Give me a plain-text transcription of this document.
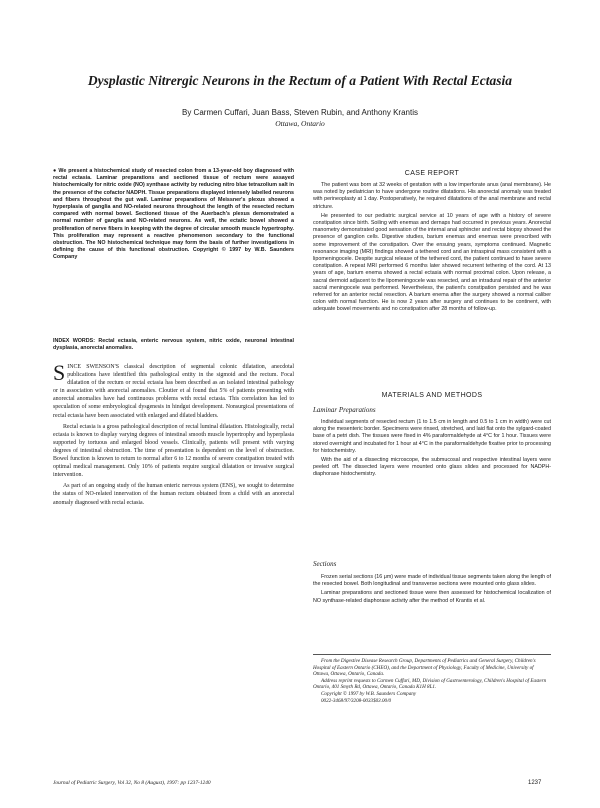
Dysplastic Nitrergic Neurons in the Rectum of a Patient With Rectal Ectasia
By Carmen Cuffari, Juan Bass, Steven Rubin, and Anthony Krantis
Ottawa, Ontario
● We present a histochemical study of resected colon from a 13-year-old boy diagnosed with rectal ectasia. Laminar preparations and sectioned tissue of rectum were assayed histochemically for nitric oxide (NO) synthase activity by reducing nitro blue tetrazolium salt in the presence of the cofactor NADPH. Tissue preparations displayed intensely labelled neurons and fibers throughout the gut wall. Laminar preparations of Meissner's plexus showed a hyperplasia of ganglia and NO-related neurons throughout the length of the resected rectum compared with normal bowel. Sectioned tissue of the Auerbach's plexus demonstrated a normal number of ganglia and NO-related neurons. As well, the ectatic bowel showed a proliferation of nerve fibers in keeping with the degree of circular smooth muscle hypertrophy. This proliferation may represent a reactive phenomenon secondary to the functional obstruction. The NO histochemical technique may form the basis of further investigations in defining the cause of this functional obstruction. Copyright © 1997 by W.B. Saunders Company
INDEX WORDS: Rectal ectasia, enteric nervous system, nitric oxide, neuronal intestinal dysplasia, anorectal anomalies.

SINCE SWENSON'S classical description of segmental colonic dilatation, anecdotal publications have identified this pathological entity in the sigmoid and the rectum. Focal dilatation of the rectum or rectal ectasia has been described as an isolated intestinal pathology or in association with anorectal anomalies. Cloutier et al found that 5% of patients presenting with anorectal anomalies have had continuous problems with rectal ectasia. This correlation has led to speculation of some embryological dysgenesis in hindgut development. Nonsurgical presentations of rectal ectasia have been associated with enlarged and dilated bladders.

Rectal ectasia is a gross pathological description of rectal luminal dilatation. Histologically, rectal ectasia is known to display varying degrees of intestinal smooth muscle hypertrophy and hyperplasia supported by tortuous and enlarged blood vessels. Clinically, patients will present with varying degrees of intestinal obstruction. The time of presentation is dependent on the level of obstruction. Bowel function is known to return to normal after 6 to 12 months of severe constipation treated with optimal medical management. Only 10% of patients require surgical dilatation or invasive surgical intervention.

As part of an ongoing study of the human enteric nervous system (ENS), we sought to determine the status of NO-related innervation of the human rectum obtained from a child with an anorectal anomaly diagnosed with rectal ectasia.

CASE REPORT

The patient was born at 32 weeks of gestation with a low imperforate anus (anal membrane). He was noted by pediatrician to have undergone routine dilatations. His anorectal anomaly was treated with perineoplasty at 1 day. Postoperatively, he required dilatations of the anal membrane and rectal stricture.

He presented to our pediatric surgical service at 10 years of age with a history of severe constipation since birth. Soiling with enemas and dernaps had occurred in previous years. Anorectal manometry demonstrated good sensation of the internal anal sphincter and rectal biopsy showed the presence of ganglion cells. Digestive studies, barium enemas and enemas were prescribed with some improvement of the constipation. Over the ensuing years, symptoms continued. Magnetic resonance imaging (MRI) findings showed a tethered cord and an intraspinal mass consistent with a lipomeningocele. Despite surgical release of the tethered cord, the patient continued to have severe constipation. A repeat MRI performed 6 months later showed recurrent tethering of the cord. At 13 years of age, barium enema showed a rectal ectasia with normal proximal colon. Upon release, a sacral dermoid adjacent to the lipomeningocele was resected, and an intradural repair of the anterior sacral meningocele was performed. Nevertheless, the patient's constipation persisted and he was referred for an anterior rectal resection. A barium enema after the surgery showed a normal caliber colon with normal function. He is now 2 years after surgery and continues to be continent, with adequate bowel movements and no constipation after 28 months of follow-up.

MATERIALS AND METHODS
Laminar Preparations

Individual segments of resected rectum (1 to 1.5 cm in length and 0.5 to 1 cm in width) were cut along the mesenteric border. Specimens were rinsed, stretched, and laid flat onto the sylgard-coated base of a petri dish. The tissues were fixed in 4% paraformaldehyde at 4°C for 1 hour. Tissues were stored overnight and incubated for 1 hour at 4°C in the paraformaldehyde fixative prior to processing for histochemistry.

With the aid of a dissecting microscope, the submucosal and respective intestinal layers were peeled off. The dissected layers were mounted onto glass slides and processed for NADPH-diaphorase histochemistry.

Sections

Frozen serial sections (16 μm) were made of individual tissue segments taken along the length of the resected bowel. Both longitudinal and transverse sections were mounted onto glass slides.

Laminar preparations and sectioned tissue were then assessed for histochemical localization of NO synthase-related diaphorase activity after the method of Krantis et al.

From the Digestive Disease Research Group, Departments of Pediatrics and General Surgery, Children's Hospital of Eastern Ontario (CHEO), and the Department of Physiology, Faculty of Medicine, University of Ottawa, Ottawa, Ontario, Canada.

Address reprint requests to Carmen Cuffari, MD, Division of Gastroenterology, Children's Hospital of Eastern Ontario, 401 Smyth Rd, Ottawa, Ontario, Canada K1H 8L1.

Copyright © 1997 by W.B. Saunders Company

0022-3468/97/3208-0033$03.00/0

Journal of Pediatric Surgery, Vol 32, No 8 (August), 1997: pp 1237-1240	1237
